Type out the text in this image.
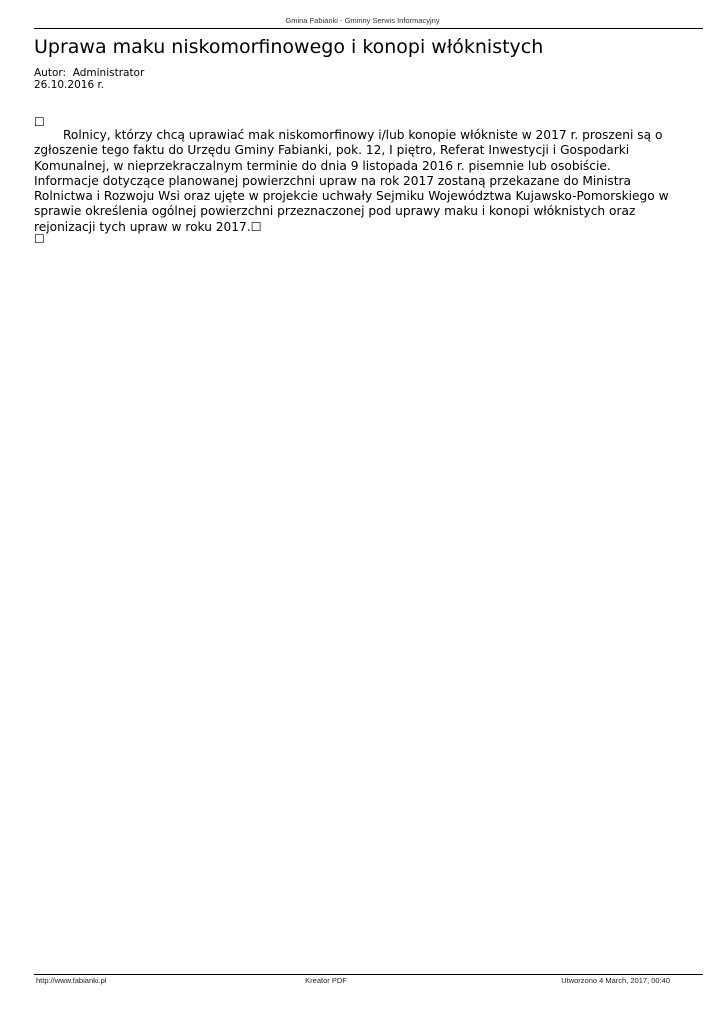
Gmina Fabianki - Gminny Serwis Informacyjny
Uprawa maku niskomorfinowego i konopi włóknistych
Autor:  Administrator
26.10.2016 r.
☐

Rolnicy, którzy chcą uprawiać mak niskomorfinowy i/lub konopie włókniste w 2017 r. proszeni są o
zgłoszenie tego faktu do Urzędu Gminy Fabianki, pok. 12, I piętro, Referat Inwestycji i Gospodarki
Komunalnej, w nieprzekraczalnym terminie do dnia 9 listopada 2016 r. pisemnie lub osobiście.
Informacje dotyczące planowanej powierzchni upraw na rok 2017 zostaną przekazane do Ministra
Rolnictwa i Rozwoju Wsi oraz ujęte w projekcie uchwały Sejmiku Województwa Kujawsko-Pomorskiego w
sprawie określenia ogólnej powierzchni przeznaczonej pod uprawy maku i konopi włóknistych oraz
rejonizacji tych upraw w roku 2017.☐

☐
http://www.fabianki.pl	Kreator PDF	Utworzono 4 March, 2017, 00:40
